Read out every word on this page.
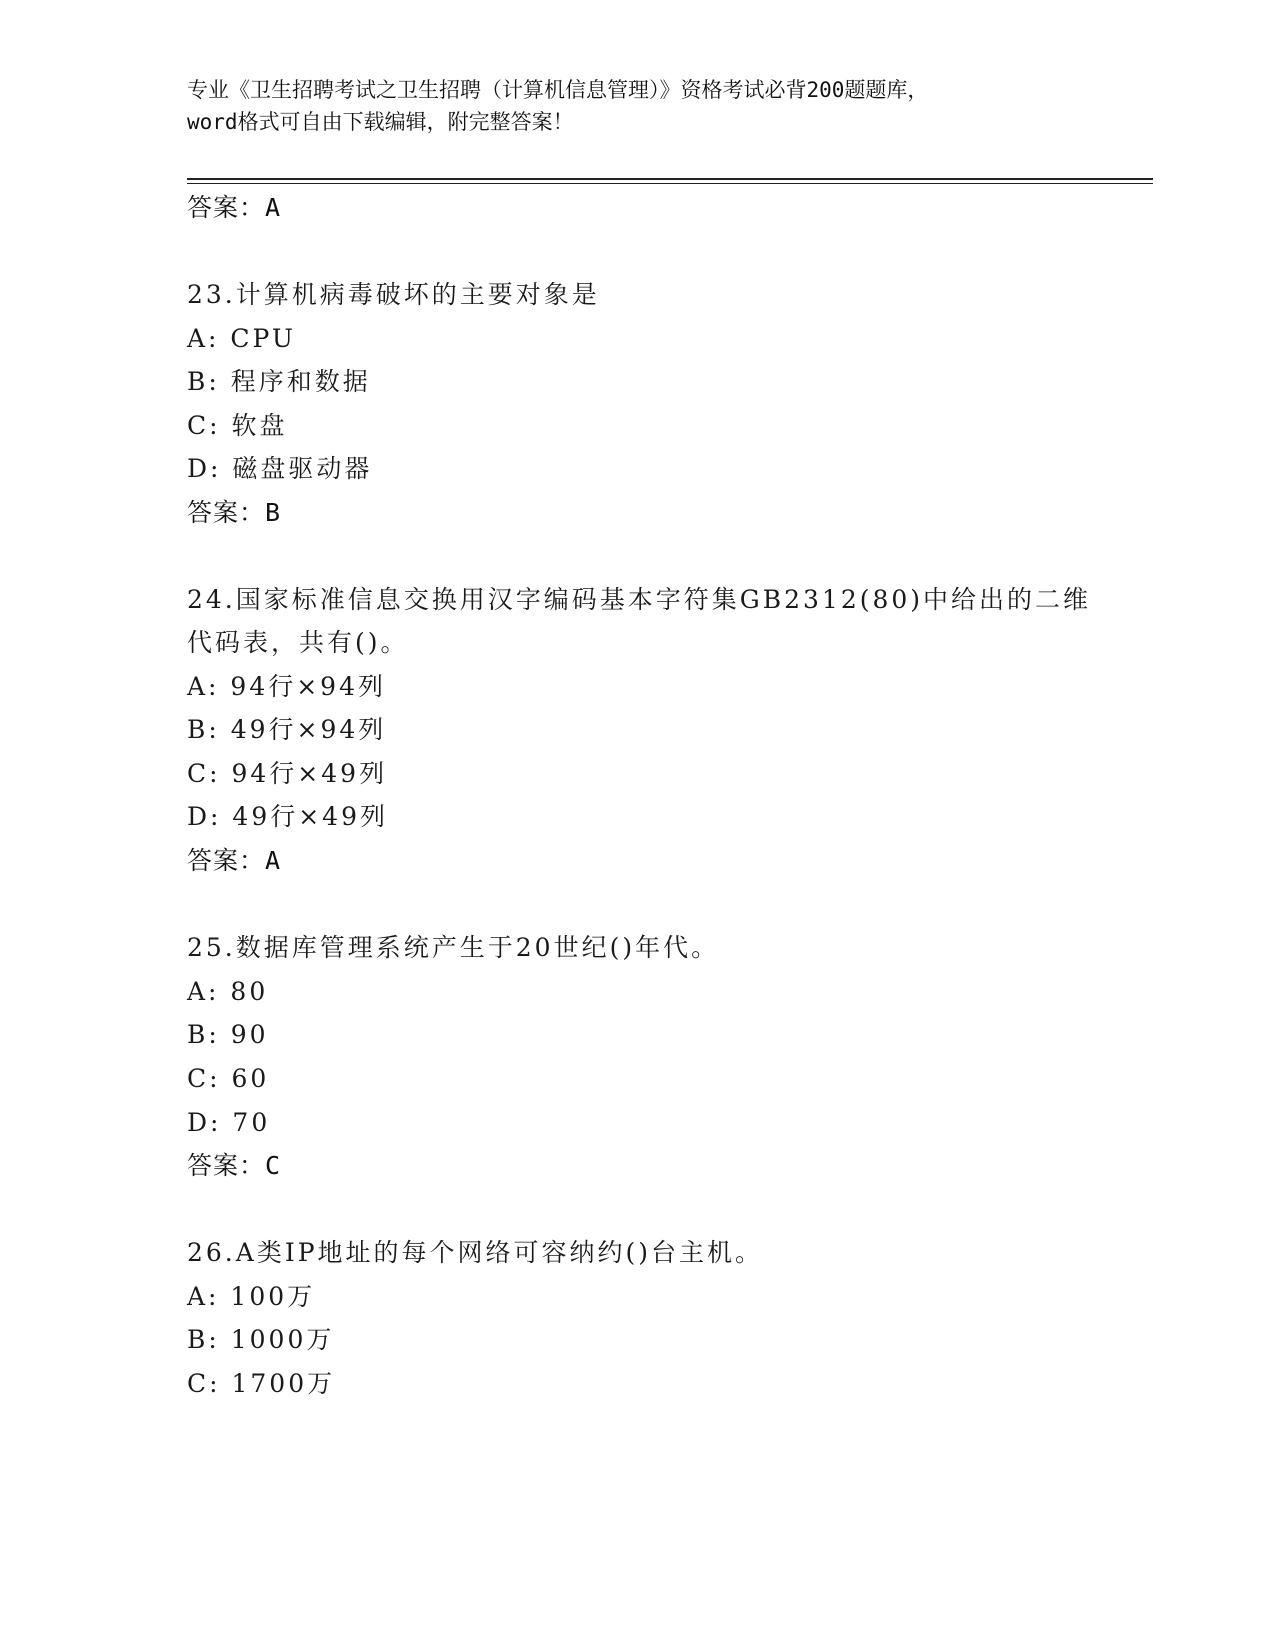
专业《卫生招聘考试之卫生招聘（计算机信息管理）》资格考试必背200题题库，
word格式可自由下载编辑，附完整答案！
答案：A
23.计算机病毒破坏的主要对象是
A: CPU
B: 程序和数据
C: 软盘
D: 磁盘驱动器
答案：B
24.国家标准信息交换用汉字编码基本字符集GB2312(80)中给出的二维
代码表，共有()。
A: 94行×94列
B: 49行×94列
C: 94行×49列
D: 49行×49列
答案：A
25.数据库管理系统产生于20世纪()年代。
A: 80
B: 90
C: 60
D: 70
答案：C
26.A类IP地址的每个网络可容纳约()台主机。
A: 100万
B: 1000万
C: 1700万
